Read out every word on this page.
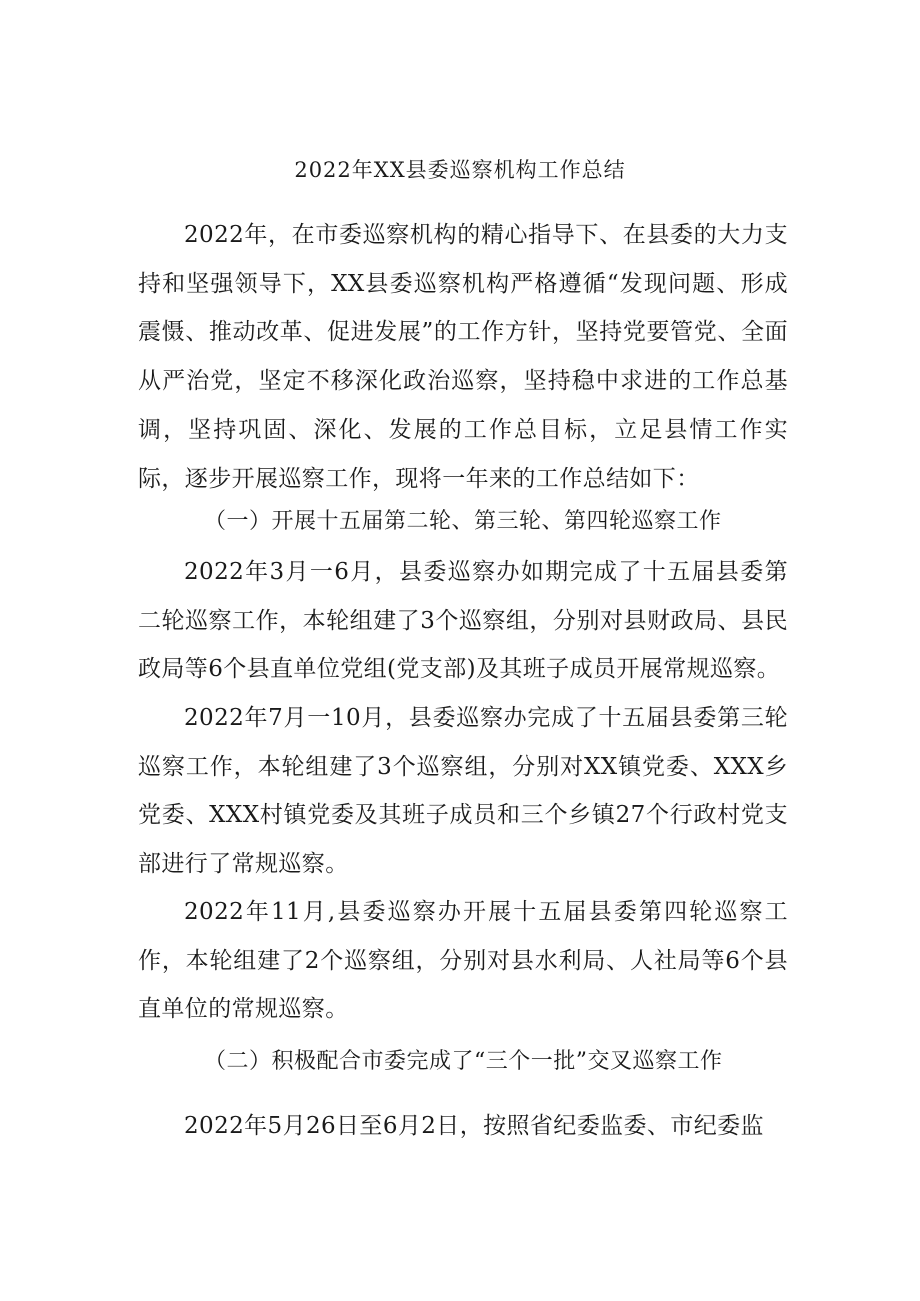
2022年XX县委巡察机构工作总结

2022年，在市委巡察机构的精心指导下、在县委的大力支持和坚强领导下，XX县委巡察机构严格遵循“发现问题、形成震慑、推动改革、促进发展”的工作方针，坚持党要管党、全面从严治党，坚定不移深化政治巡察，坚持稳中求进的工作总基调，坚持巩固、深化、发展的工作总目标，立足县情工作实际，逐步开展巡察工作，现将一年来的工作总结如下：

（一）开展十五届第二轮、第三轮、第四轮巡察工作

2022年3月一6月，县委巡察办如期完成了十五届县委第二轮巡察工作，本轮组建了3个巡察组，分别对县财政局、县民政局等6个县直单位党组(党支部)及其班子成员开展常规巡察。

2022年7月一10月，县委巡察办完成了十五届县委第三轮巡察工作，本轮组建了3个巡察组，分别对XX镇党委、XXX乡党委、XXX村镇党委及其班子成员和三个乡镇27个行政村党支部进行了常规巡察。

2022年11月,县委巡察办开展十五届县委第四轮巡察工作，本轮组建了2个巡察组，分别对县水利局、人社局等6个县直单位的常规巡察。

（二）积极配合市委完成了“三个一批”交叉巡察工作

2022年5月26日至6月2日，按照省纪委监委、市纪委监
